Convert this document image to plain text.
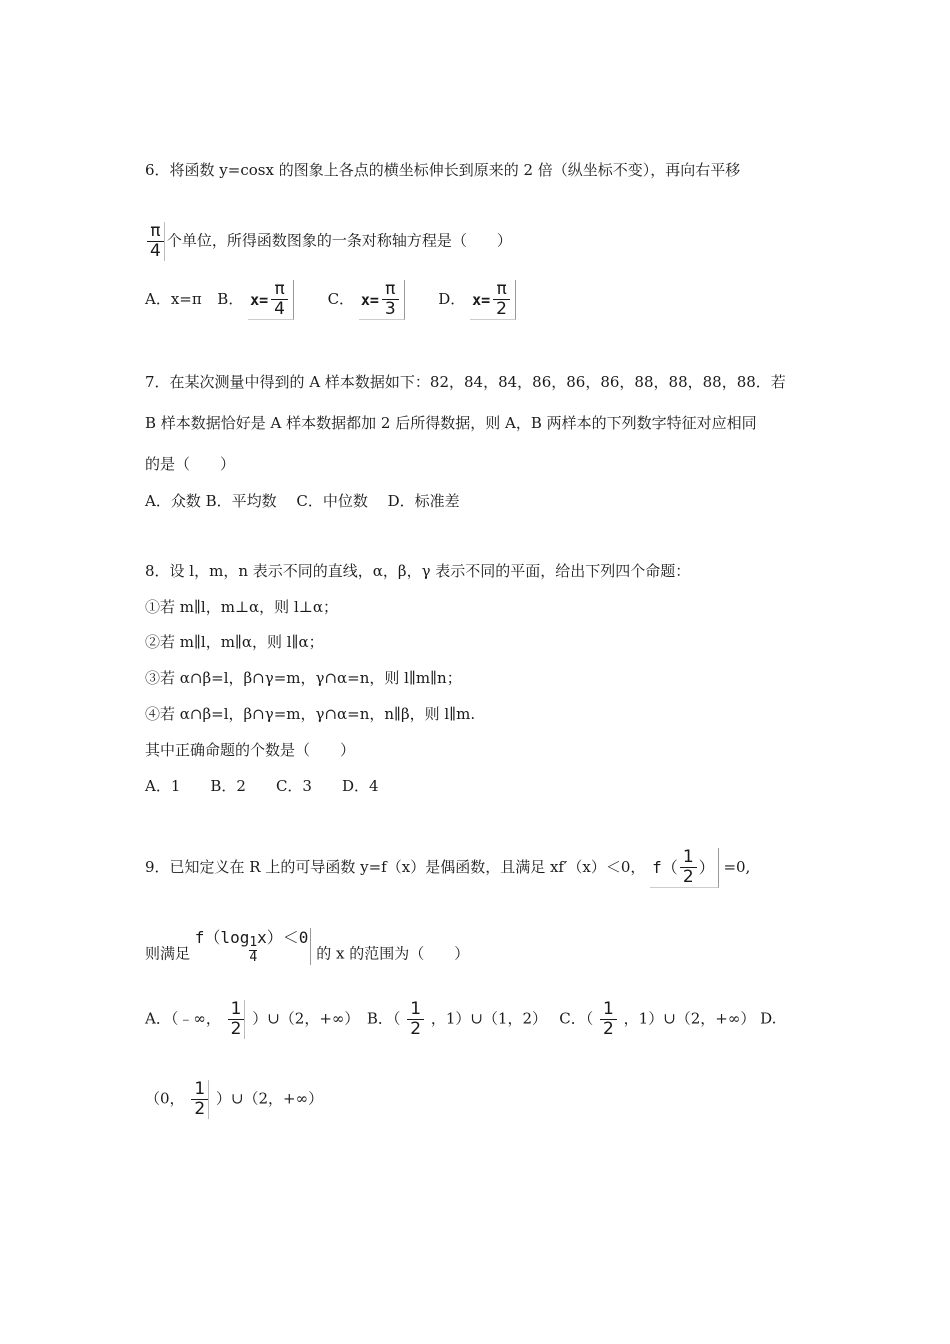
6．将函数 y=cosx 的图象上各点的横坐标伸长到原来的 2 倍（纵坐标不变），再向右平移
$\frac{\pi}{4}$ 个单位，所得函数图象的一条对称轴方程是（　　）
A．x=π B． $x= \frac{\pi}{4}$	C． $x= \frac{\pi}{3}$	D． $x= \frac{\pi}{2}$
7．在某次测量中得到的 A 样本数据如下：82，84，84，86，86，86，88，88，88，88．若
B 样本数据恰好是 A 样本数据都加 2 后所得数据，则 A，B 两样本的下列数字特征对应相同
的是（　　）
A．众数 B．平均数　 C．中位数　 D．标准差
8．设 l，m，n 表示不同的直线，α，β，γ 表示不同的平面，给出下列四个命题：
①若 m∥l，m⊥α，则 l⊥α；
②若 m∥l，m∥α，则 l∥α；
③若 α∩β=l，β∩γ=m，γ∩α=n，则 l∥m∥n；
④若 α∩β=l，β∩γ=m，γ∩α=n，n∥β，则 l∥m.
其中正确命题的个数是（　　）
A．1　　B．2　　C．3　　D．4
9．已知定义在 R 上的可导函数 y=f（x）是偶函数，且满足 xf′（x）＜0， $f( \frac{1}{2}$ ） =0,
则满足
f（log 1
4
x）＜0
的 x 的范围为（　　）
A．（﹣∞， $\frac{1}{2}$ ）∪（2，+∞）　B．（ $\frac{1}{2}$ ，1）∪（1，2）　 C．（ $\frac{1}{2}$ ，1）∪（2，+∞） D.
（0， $\frac{1}{2}$ ）∪（2，+∞）
